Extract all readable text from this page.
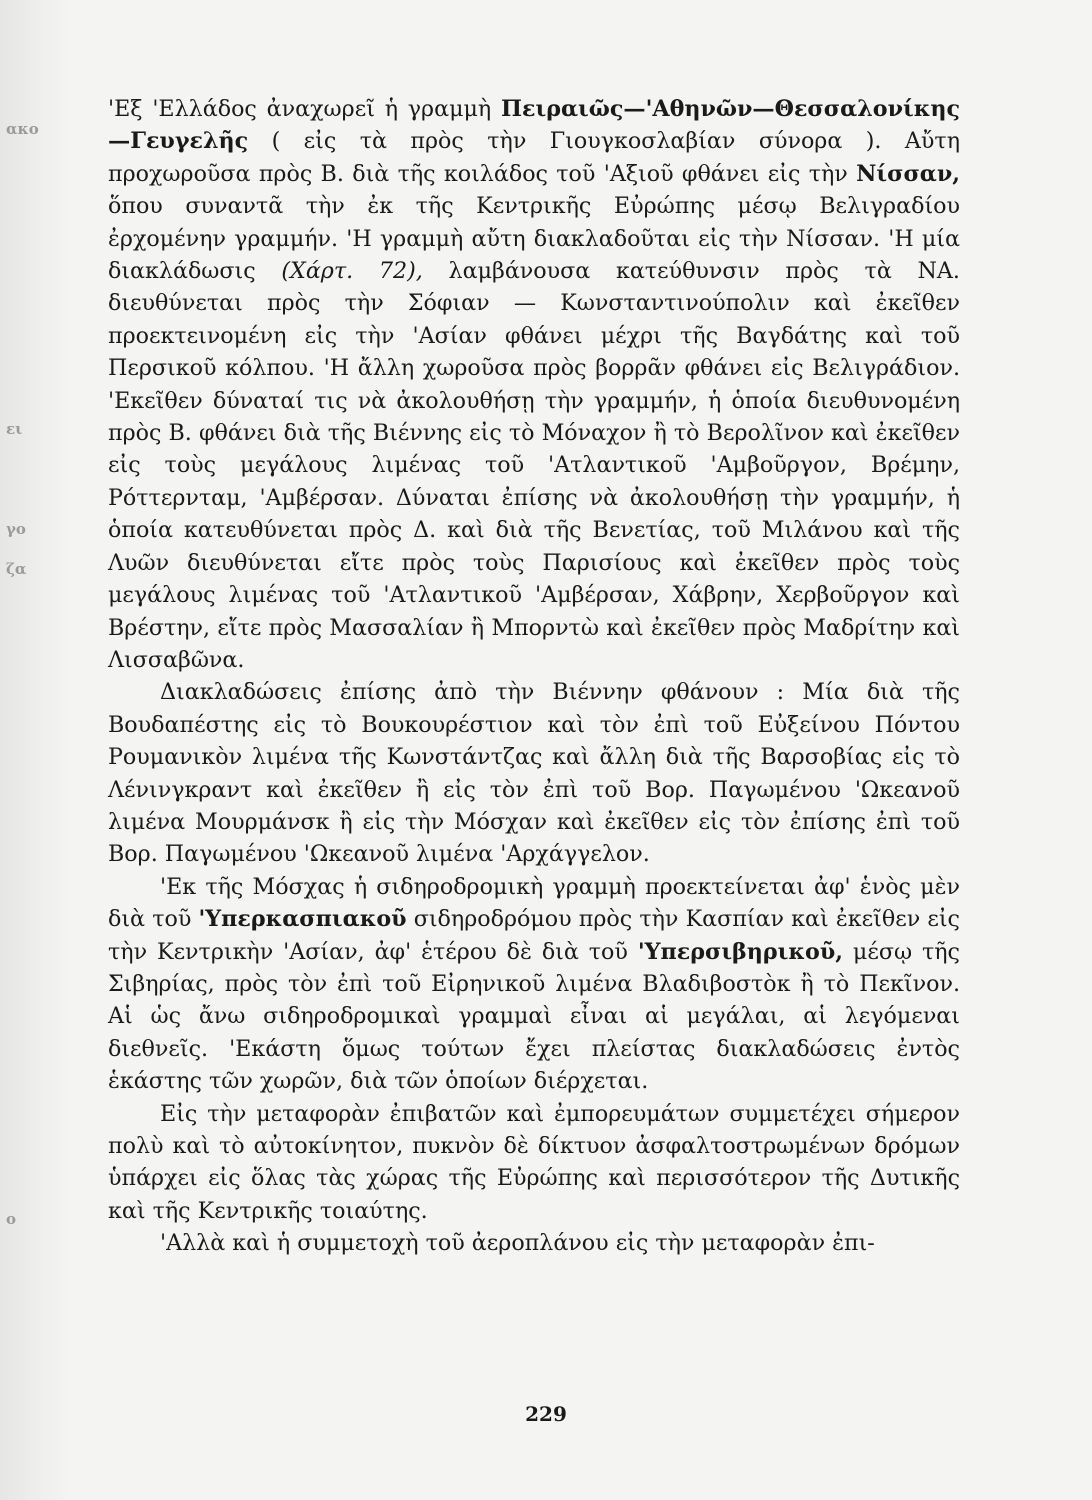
ακο
ει
γο
ζα
ο

'Εξ 'Ελλάδος ἀναχωρεῖ ἡ γραμμὴ Πειραιῶς—'Αθηνῶν—Θεσσαλονίκης—Γευγελῆς ( εἰς τὰ πρὸς τὴν Γιουγκοσλαβίαν σύνορα ). Αὔτη προχωροῦσα πρὸς Β. διὰ τῆς κοιλάδος τοῦ 'Αξιοῦ φθάνει εἰς τὴν Νίσσαν, ὅπου συναντᾶ τὴν ἐκ τῆς Κεντρικῆς Εὐρώπης μέσῳ Βελιγραδίου ἐρχομένην γραμμήν. 'Η γραμμὴ αὔτη διακλαδοῦται εἰς τὴν Νίσσαν. 'Η μία διακλάδωσις (Χάρτ. 72), λαμβάνουσα κατεύθυνσιν πρὸς τὰ ΝΑ. διευθύνεται πρὸς τὴν Σόφιαν — Κωνσταντινούπολιν καὶ ἐκεῖθεν προεκτεινομένη εἰς τὴν 'Ασίαν φθάνει μέχρι τῆς Βαγδάτης καὶ τοῦ Περσικοῦ κόλπου. 'Η ἄλλη χωροῦσα πρὸς βορρᾶν φθάνει εἰς Βελιγράδιον. 'Εκεῖθεν δύναταί τις νὰ ἀκολουθήσῃ τὴν γραμμήν, ἡ ὁποία διευθυνομένη πρὸς Β. φθάνει διὰ τῆς Βιέννης εἰς τὸ Μόναχον ἢ τὸ Βερολῖνον καὶ ἐκεῖθεν εἰς τοὺς μεγάλους λιμένας τοῦ 'Ατλαντικοῦ 'Αμβοῦργον, Βρέμην, Ρόττερνταμ, 'Αμβέρσαν. Δύναται ἐπίσης νὰ ἀκολουθήσῃ τὴν γραμμήν, ἡ ὁποία κατευθύνεται πρὸς Δ. καὶ διὰ τῆς Βενετίας, τοῦ Μιλάνου καὶ τῆς Λυῶν διευθύνεται εἴτε πρὸς τοὺς Παρισίους καὶ ἐκεῖθεν πρὸς τοὺς μεγάλους λιμένας τοῦ 'Ατλαντικοῦ 'Αμβέρσαν, Χάβρην, Χερβοῦργον καὶ Βρέστην, εἴτε πρὸς Μασσαλίαν ἢ Μπορντὼ καὶ ἐκεῖθεν πρὸς Μαδρίτην καὶ Λισσαβῶνα.

Διακλαδώσεις ἐπίσης ἀπὸ τὴν Βιέννην φθάνουν : Μία διὰ τῆς Βουδαπέστης εἰς τὸ Βουκουρέστιον καὶ τὸν ἐπὶ τοῦ Εὐξείνου Πόντου Ρουμανικὸν λιμένα τῆς Κωνστάντζας καὶ ἄλλη διὰ τῆς Βαρσοβίας εἰς τὸ Λένινγκραντ καὶ ἐκεῖθεν ἢ εἰς τὸν ἐπὶ τοῦ Βορ. Παγωμένου 'Ωκεανοῦ λιμένα Μουρμάνσκ ἢ εἰς τὴν Μόσχαν καὶ ἐκεῖθεν εἰς τὸν ἐπίσης ἐπὶ τοῦ Βορ. Παγωμένου 'Ωκεανοῦ λιμένα 'Αρχάγγελον.

'Εκ τῆς Μόσχας ἡ σιδηροδρομικὴ γραμμὴ προεκτείνεται ἀφ' ἑνὸς μὲν διὰ τοῦ 'Υπερκασπιακοῦ σιδηροδρόμου πρὸς τὴν Κασπίαν καὶ ἐκεῖθεν εἰς τὴν Κεντρικὴν 'Ασίαν, ἀφ' ἑτέρου δὲ διὰ τοῦ 'Υπερσιβηρικοῦ, μέσῳ τῆς Σιβηρίας, πρὸς τὸν ἐπὶ τοῦ Εἰρηνικοῦ λιμένα Βλαδιβοστὸκ ἢ τὸ Πεκῖνον. Αἱ ὡς ἄνω σιδηροδρομικαὶ γραμμαὶ εἶναι αἱ μεγάλαι, αἱ λεγόμεναι διεθνεῖς. 'Εκάστη ὅμως τούτων ἔχει πλείστας διακλαδώσεις ἐντὸς ἑκάστης τῶν χωρῶν, διὰ τῶν ὁποίων διέρχεται.

Εἰς τὴν μεταφορὰν ἐπιβατῶν καὶ ἐμπορευμάτων συμμετέχει σήμερον πολὺ καὶ τὸ αὐτοκίνητον, πυκνὸν δὲ δίκτυον ἀσφαλτοστρωμένων δρόμων ὑπάρχει εἰς ὅλας τὰς χώρας τῆς Εὐρώπης καὶ περισσότερον τῆς Δυτικῆς καὶ τῆς Κεντρικῆς τοιαύτης.

'Αλλὰ καὶ ἡ συμμετοχὴ τοῦ ἀεροπλάνου εἰς τὴν μεταφορὰν ἐπι-

229
